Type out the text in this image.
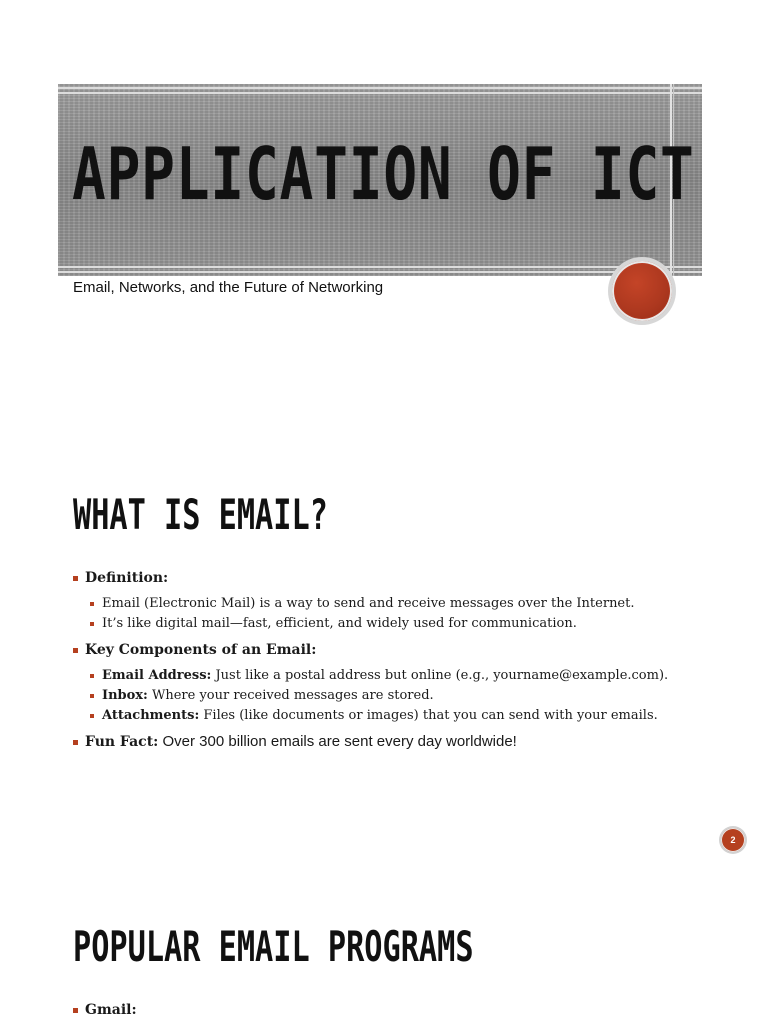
APPLICATION OF ICT
Email, Networks, and the Future of Networking
WHAT IS EMAIL?
Definition:
Email (Electronic Mail) is a way to send and receive messages over the Internet.
It’s like digital mail—fast, efficient, and widely used for communication.
Key Components of an Email:
Email Address: Just like a postal address but online (e.g., yourname@example.com).
Inbox: Where your received messages are stored.
Attachments: Files (like documents or images) that you can send with your emails.
Fun Fact: Over 300 billion emails are sent every day worldwide!
2
POPULAR EMAIL PROGRAMS
Gmail:
